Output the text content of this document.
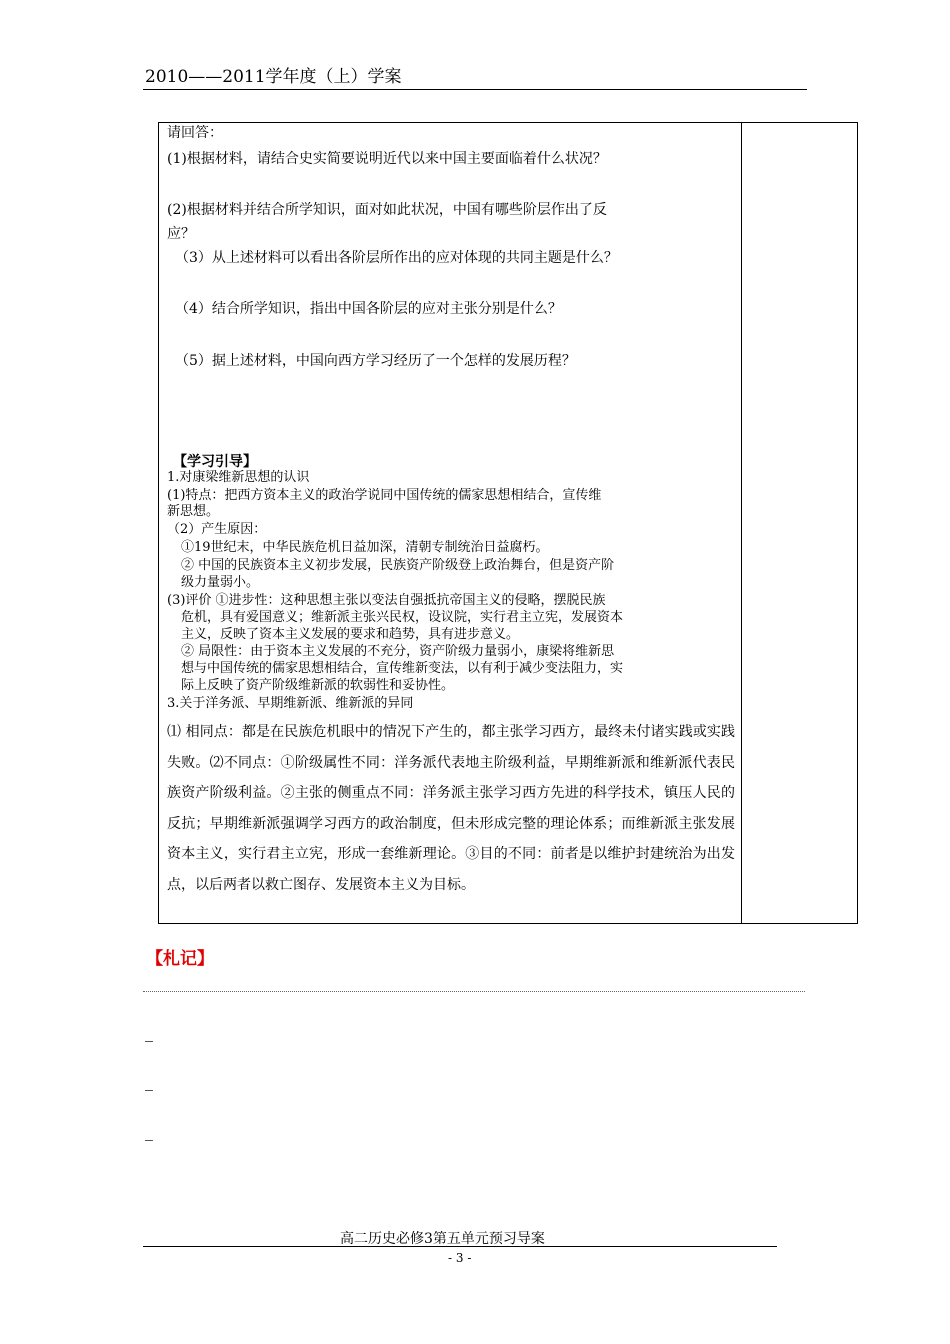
2010——2011学年度（上）学案
请回答：
(1)根据材料，请结合史实简要说明近代以来中国主要面临着什么状况？
(2)根据材料并结合所学知识，面对如此状况，中国有哪些阶层作出了反
应？
（3）从上述材料可以看出各阶层所作出的应对体现的共同主题是什么？
（4）结合所学知识，指出中国各阶层的应对主张分别是什么？
（5）据上述材料，中国向西方学习经历了一个怎样的发展历程？
【学习引导】
1.对康梁维新思想的认识
(1)特点：把西方资本主义的政治学说同中国传统的儒家思想相结合，宣传维
新思想。
（2）产生原因：
①19世纪末，中华民族危机日益加深，清朝专制统治日益腐朽。
② 中国的民族资本主义初步发展，民族资产阶级登上政治舞台，但是资产阶
级力量弱小。
(3)评价 ①进步性：这种思想主张以变法自强抵抗帝国主义的侵略，摆脱民族
危机，具有爱国意义；维新派主张兴民权，设议院，实行君主立宪，发展资本
主义，反映了资本主义发展的要求和趋势，具有进步意义。
② 局限性：由于资本主义发展的不充分，资产阶级力量弱小，康梁将维新思
想与中国传统的儒家思想相结合，宣传维新变法，以有利于减少变法阻力，实
际上反映了资产阶级维新派的软弱性和妥协性。
3.关于洋务派、早期维新派、维新派的异同
⑴ 相同点：都是在民族危机眼中的情况下产生的，都主张学习西方，最终未付诸实践或实践失败。⑵不同点：①阶级属性不同：洋务派代表地主阶级利益，早期维新派和维新派代表民族资产阶级利益。②主张的侧重点不同：洋务派主张学习西方先进的科学技术，镇压人民的反抗；早期维新派强调学习西方的政治制度，但未形成完整的理论体系；而维新派主张发展资本主义，实行君主立宪，形成一套维新理论。③目的不同：前者是以维护封建统治为出发点，以后两者以救亡图存、发展资本主义为目标。
【札记】
高二历史必修3第五单元预习导案
- 3 -
